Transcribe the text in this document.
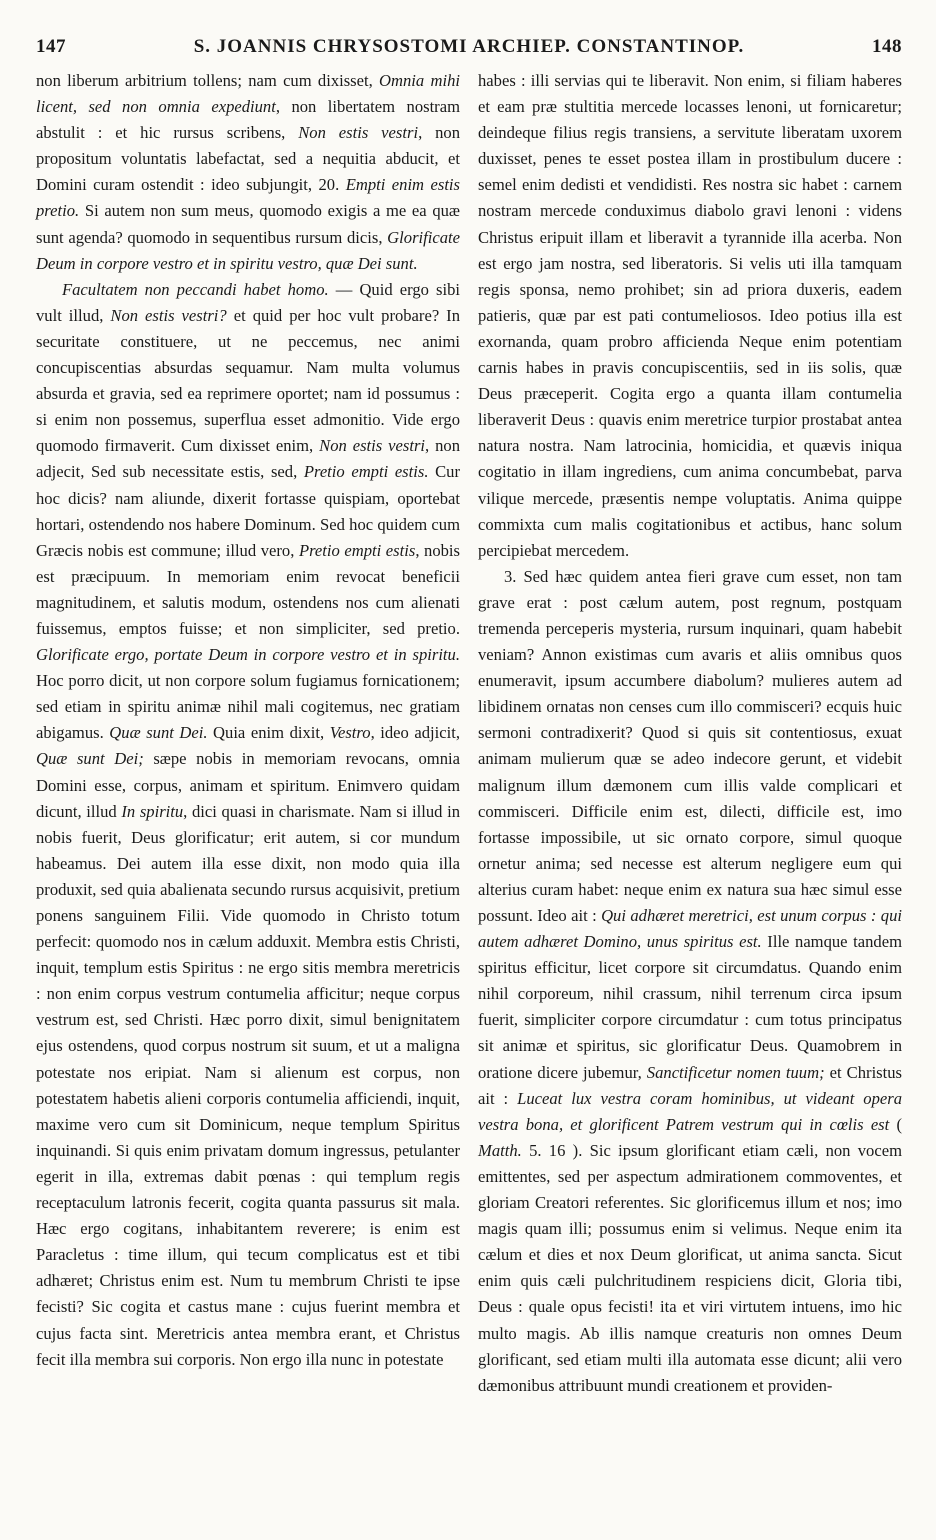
147	S. JOANNIS CHRYSOSTOMI ARCHIEP. CONSTANTINOP.	148

non liberum arbitrium tollens; nam cum dixisset, Omnia mihi licent, sed non omnia expediunt, non libertatem nostram abstulit : et hic rursus scribens, Non estis vestri, non propositum voluntatis labefactat, sed a nequitia abducit, et Domini curam ostendit : ideo subjungit, 20. Empti enim estis pretio. Si autem non sum meus, quomodo exigis a me ea quæ sunt agenda? quomodo in sequentibus rursum dicis, Glorificate Deum in corpore vestro et in spiritu vestro, quæ Dei sunt.

Facultatem non peccandi habet homo. — Quid ergo sibi vult illud, Non estis vestri? et quid per hoc vult probare? In securitate constituere, ut ne peccemus, nec animi concupiscentias absurdas sequamur. Nam multa volumus absurda et gravia, sed ea reprimere oportet; nam id possumus : si enim non possemus, superflua esset admonitio. Vide ergo quomodo firmaverit. Cum dixisset enim, Non estis vestri, non adjecit, Sed sub necessitate estis, sed, Pretio empti estis. Cur hoc dicis? nam aliunde, dixerit fortasse quispiam, oportebat hortari, ostendendo nos habere Dominum. Sed hoc quidem cum Græcis nobis est commune; illud vero, Pretio empti estis, nobis est præcipuum. In memoriam enim revocat beneficii magnitudinem, et salutis modum, ostendens nos cum alienati fuissemus, emptos fuisse; et non simpliciter, sed pretio. Glorificate ergo, portate Deum in corpore vestro et in spiritu. Hoc porro dicit, ut non corpore solum fugiamus fornicationem; sed etiam in spiritu animæ nihil mali cogitemus, nec gratiam abigamus. Quæ sunt Dei. Quia enim dixit, Vestro, ideo adjicit, Quæ sunt Dei; sæpe nobis in memoriam revocans, omnia Domini esse, corpus, animam et spiritum. Enimvero quidam dicunt, illud In spiritu, dici quasi in charismate. Nam si illud in nobis fuerit, Deus glorificatur; erit autem, si cor mundum habeamus. Dei autem illa esse dixit, non modo quia illa produxit, sed quia abalienata secundo rursus acquisivit, pretium ponens sanguinem Filii. Vide quomodo in Christo totum perfecit: quomodo nos in cælum adduxit. Membra estis Christi, inquit, templum estis Spiritus : ne ergo sitis membra meretricis : non enim corpus vestrum contumelia afficitur; neque corpus vestrum est, sed Christi. Hæc porro dixit, simul benignitatem ejus ostendens, quod corpus nostrum sit suum, et ut a maligna potestate nos eripiat. Nam si alienum est corpus, non potestatem habetis alieni corporis contumelia afficiendi, inquit, maxime vero cum sit Dominicum, neque templum Spiritus inquinandi. Si quis enim privatam domum ingressus, petulanter egerit in illa, extremas dabit pœnas : qui templum regis receptaculum latronis fecerit, cogita quanta passurus sit mala. Hæc ergo cogitans, inhabitantem reverere; is enim est Paracletus : time illum, qui tecum complicatus est et tibi adhæret; Christus enim est. Num tu membrum Christi te ipse fecisti? Sic cogita et castus mane : cujus fuerint membra et cujus facta sint. Meretricis antea membra erant, et Christus fecit illa membra sui corporis. Non ergo illa nunc in potestate

habes : illi servias qui te liberavit. Non enim, si filiam haberes et eam præ stultitia mercede locasses lenoni, ut fornicaretur; deindeque filius regis transiens, a servitute liberatam uxorem duxisset, penes te esset postea illam in prostibulum ducere : semel enim dedisti et vendidisti. Res nostra sic habet : carnem nostram mercede conduximus diabolo gravi lenoni : videns Christus eripuit illam et liberavit a tyrannide illa acerba. Non est ergo jam nostra, sed liberatoris. Si velis uti illa tamquam regis sponsa, nemo prohibet; sin ad priora duxeris, eadem patieris, quæ par est pati contumeliosos. Ideo potius illa est exornanda, quam probro afficienda Neque enim potentiam carnis habes in pravis concupiscentiis, sed in iis solis, quæ Deus præceperit. Cogita ergo a quanta illam contumelia liberaverit Deus : quavis enim meretrice turpior prostabat antea natura nostra. Nam latrocinia, homicidia, et quævis iniqua cogitatio in illam ingrediens, cum anima concumbebat, parva vilique mercede, præsentis nempe voluptatis. Anima quippe commixta cum malis cogitationibus et actibus, hanc solum percipiebat mercedem.

3. Sed hæc quidem antea fieri grave cum esset, non tam grave erat : post cælum autem, post regnum, postquam tremenda perceperis mysteria, rursum inquinari, quam habebit veniam? Annon existimas cum avaris et aliis omnibus quos enumeravit, ipsum accumbere diabolum? mulieres autem ad libidinem ornatas non censes cum illo commisceri? ecquis huic sermoni contradixerit? Quod si quis sit contentiosus, exuat animam mulierum quæ se adeo indecore gerunt, et videbit malignum illum dæmonem cum illis valde complicari et commisceri. Difficile enim est, dilecti, difficile est, imo fortasse impossibile, ut sic ornato corpore, simul quoque ornetur anima; sed necesse est alterum negligere eum qui alterius curam habet: neque enim ex natura sua hæc simul esse possunt. Ideo ait : Qui adhæret meretrici, est unum corpus : qui autem adhæret Domino, unus spiritus est. Ille namque tandem spiritus efficitur, licet corpore sit circumdatus. Quando enim nihil corporeum, nihil crassum, nihil terrenum circa ipsum fuerit, simpliciter corpore circumdatur : cum totus principatus sit animæ et spiritus, sic glorificatur Deus. Quamobrem in oratione dicere jubemur, Sanctificetur nomen tuum; et Christus ait : Luceat lux vestra coram hominibus, ut videant opera vestra bona, et glorificent Patrem vestrum qui in cœlis est ( Matth. 5. 16 ). Sic ipsum glorificant etiam cæli, non vocem emittentes, sed per aspectum admirationem commoventes, et gloriam Creatori referentes. Sic glorificemus illum et nos; imo magis quam illi; possumus enim si velimus. Neque enim ita cælum et dies et nox Deum glorificat, ut anima sancta. Sicut enim quis cæli pulchritudinem respiciens dicit, Gloria tibi, Deus : quale opus fecisti! ita et viri virtutem intuens, imo hic multo magis. Ab illis namque creaturis non omnes Deum glorificant, sed etiam multi illa automata esse dicunt; alii vero dæmonibus attribuunt mundi creationem et providen-
